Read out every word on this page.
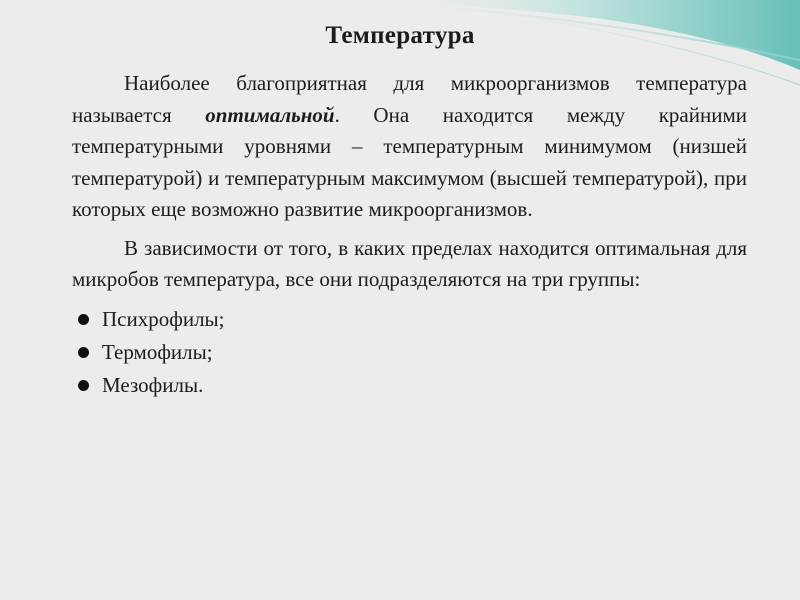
Температура

Наиболее благоприятная для микроорганизмов температура называется оптимальной. Она находится между крайними температурными уровнями – температурным минимумом (низшей температурой) и температурным максимумом (высшей температурой), при которых еще возможно развитие микроорганизмов.

В зависимости от того, в каких пределах находится оптимальная для микробов температура, все они подразделяются на три группы:

Психрофилы;
Термофилы;
Мезофилы.
